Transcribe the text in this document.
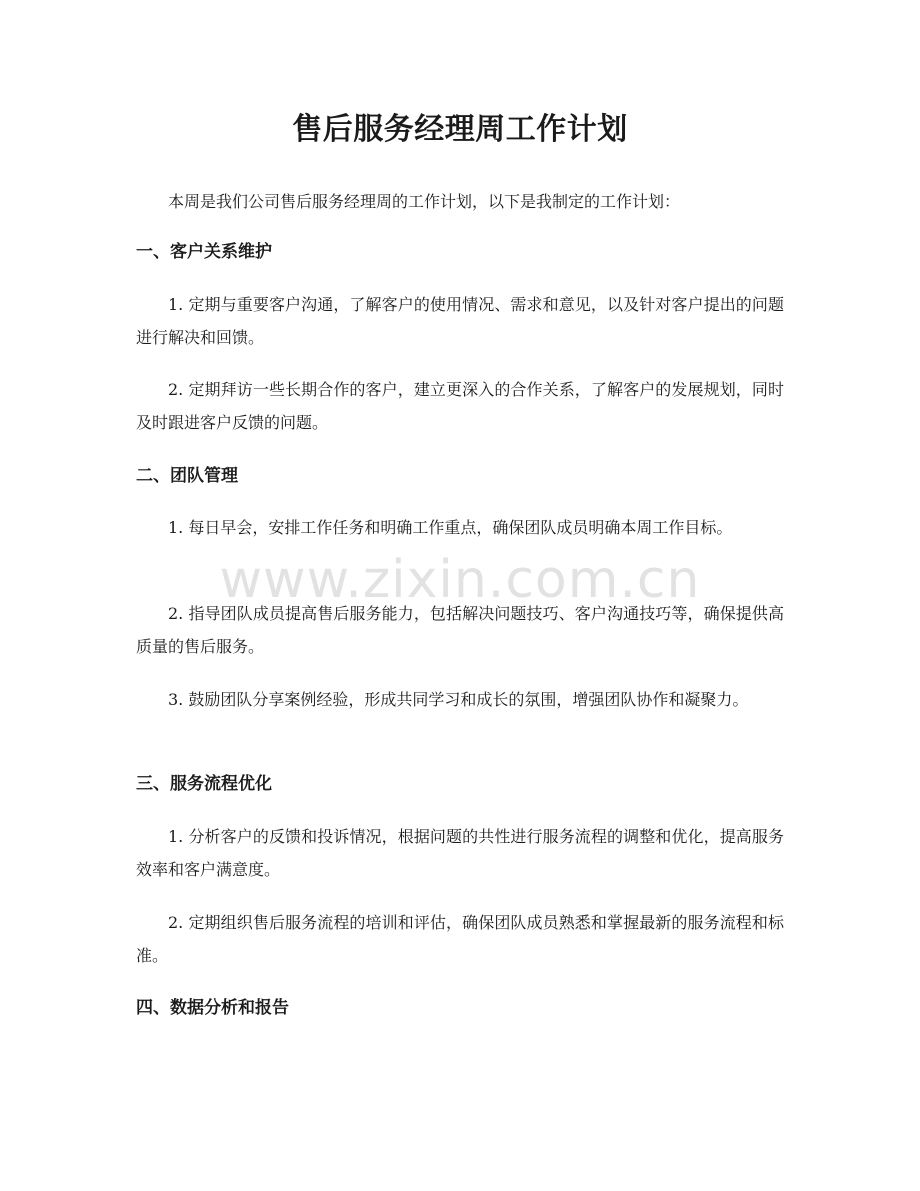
售后服务经理周工作计划

本周是我们公司售后服务经理周的工作计划，以下是我制定的工作计划：

一、客户关系维护

1. 定期与重要客户沟通，了解客户的使用情况、需求和意见，以及针对客户提出的问题进行解决和回馈。

2. 定期拜访一些长期合作的客户，建立更深入的合作关系，了解客户的发展规划，同时及时跟进客户反馈的问题。

二、团队管理

1. 每日早会，安排工作任务和明确工作重点，确保团队成员明确本周工作目标。

2. 指导团队成员提高售后服务能力，包括解决问题技巧、客户沟通技巧等，确保提供高质量的售后服务。

3. 鼓励团队分享案例经验，形成共同学习和成长的氛围，增强团队协作和凝聚力。

三、服务流程优化

1. 分析客户的反馈和投诉情况，根据问题的共性进行服务流程的调整和优化，提高服务效率和客户满意度。

2. 定期组织售后服务流程的培训和评估，确保团队成员熟悉和掌握最新的服务流程和标准。

四、数据分析和报告
www.zixin.com.cn
